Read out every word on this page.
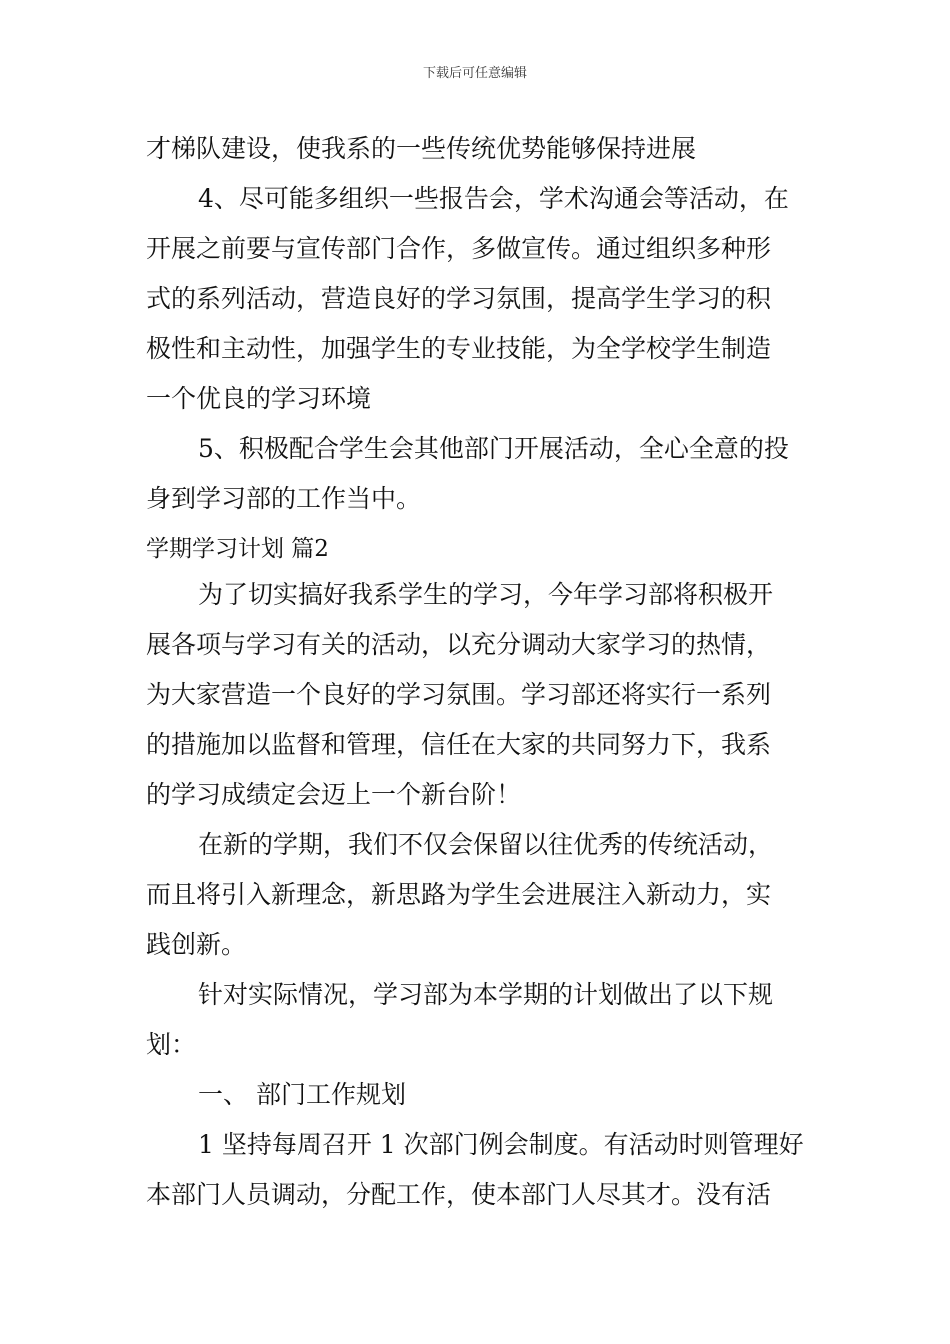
下载后可任意编辑
才梯队建设，使我系的一些传统优势能够保持进展
4、尽可能多组织一些报告会，学术沟通会等活动，在
开展之前要与宣传部门合作，多做宣传。通过组织多种形
式的系列活动，营造良好的学习氛围，提高学生学习的积
极性和主动性，加强学生的专业技能，为全学校学生制造
一个优良的学习环境
5、积极配合学生会其他部门开展活动，全心全意的投
身到学习部的工作当中。
学期学习计划 篇2
为了切实搞好我系学生的学习，今年学习部将积极开
展各项与学习有关的活动，以充分调动大家学习的热情，
为大家营造一个良好的学习氛围。学习部还将实行一系列
的措施加以监督和管理，信任在大家的共同努力下，我系
的学习成绩定会迈上一个新台阶！
在新的学期，我们不仅会保留以往优秀的传统活动，
而且将引入新理念，新思路为学生会进展注入新动力，实
践创新。
针对实际情况，学习部为本学期的计划做出了以下规
划：
一、 部门工作规划
1 坚持每周召开 1 次部门例会制度。有活动时则管理好
本部门人员调动，分配工作，使本部门人尽其才。没有活
